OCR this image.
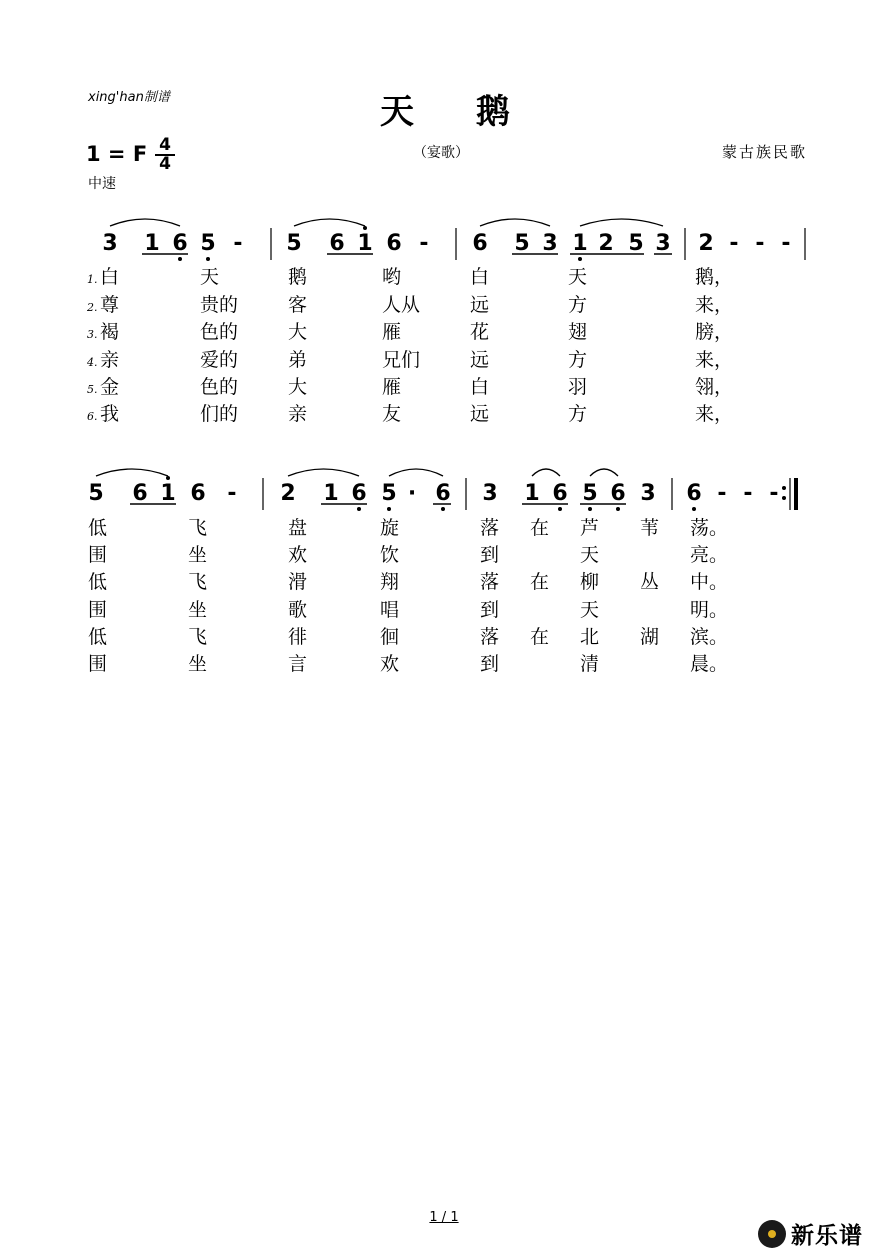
xing'han制谱	天鹅
（宴歌）	蒙古族民歌
1 = F 4
4
中速
3 1 6 5 - 5 6 1 6 - 6 5 3 1 2 5 3 2 - - -
1. 白	天	鹅	哟	白	天	鹅，
2. 尊	贵的	客	人从	远	方	来，
3. 褐	色的	大	雁	花	翅	膀，
4. 亲	爱的	弟	兄们	远	方	来，
5. 金	色的	大	雁	白	羽	翎，
6. 我	们的	亲	友	远	方	来，
5 6 1 6 - 2 1 6 5 · 6 3 1 6 5 6 3 6 - - -
低	飞	盘	旋	落 在 芦 苇 荡。
围	坐	欢	饮	到	天	亮。
低	飞	滑	翔	落 在 柳 丛 中。
围	坐	歌	唱	到	天	明。
低	飞	徘	徊	落 在 北 湖 滨。
围	坐	言	欢	到	清	晨。
1 / 1
新乐谱
